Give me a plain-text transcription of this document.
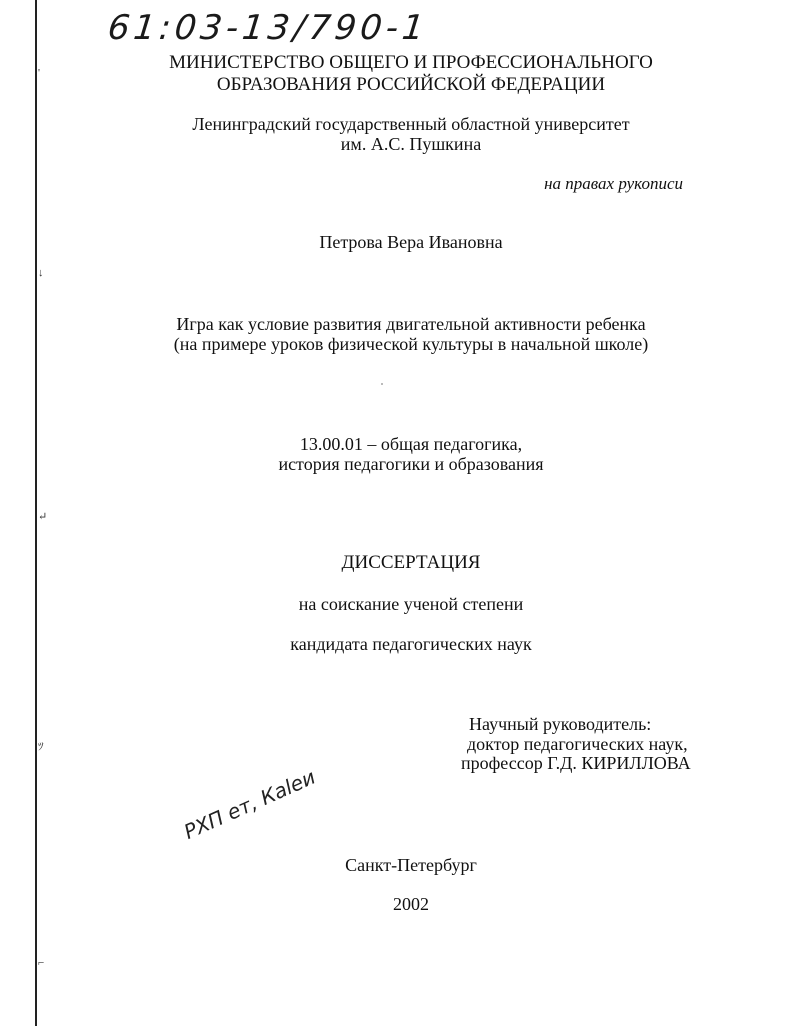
'
↓
↵
ﾂ
⌐
61:03-13/790-1
МИНИСТЕРСТВО ОБЩЕГО И ПРОФЕССИОНАЛЬНОГО
ОБРАЗОВАНИЯ РОССИЙСКОЙ ФЕДЕРАЦИИ
Ленинградский государственный областной университет
им. А.С. Пушкина
на правах рукописи
Петрова Вера Ивановна
Игра как условие развития двигательной активности ребенка
(на примере уроков физической культуры в начальной школе)
13.00.01 – общая педагогика,
история педагогики и образования
ДИССЕРТАЦИЯ
на соискание ученой степени
кандидата педагогических наук
Научный руководитель:
доктор педагогических наук,
профессор Г.Д. КИРИЛЛОВА
РХП ет, Каlеи
Санкт-Петербург
2002
